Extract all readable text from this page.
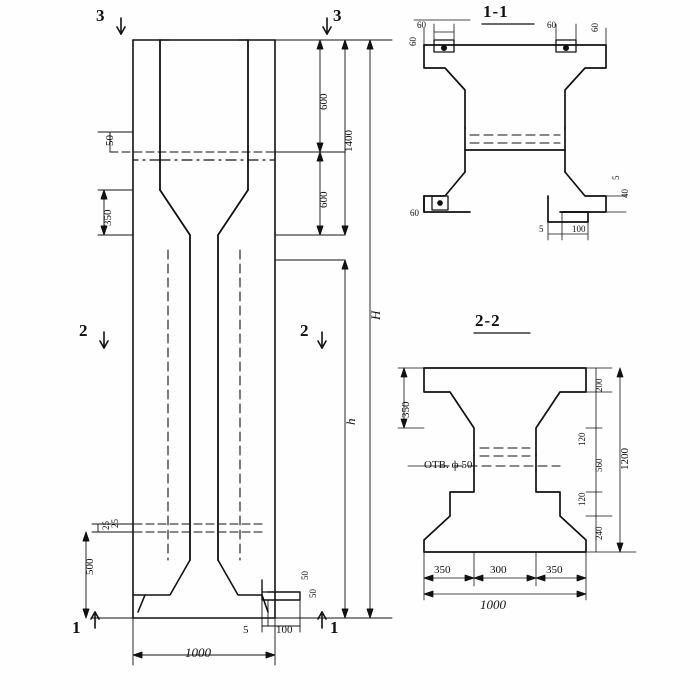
1-1
2-2
3	3
2	2
1	1
600
600
1400
H
h
350
50
500
25 25
1000
5	100
50
50
60
60
60	60
60
5	100
5
40
350
ОТВ. ф 50
200
120
560
120
240
1200
350	300	350
1000
